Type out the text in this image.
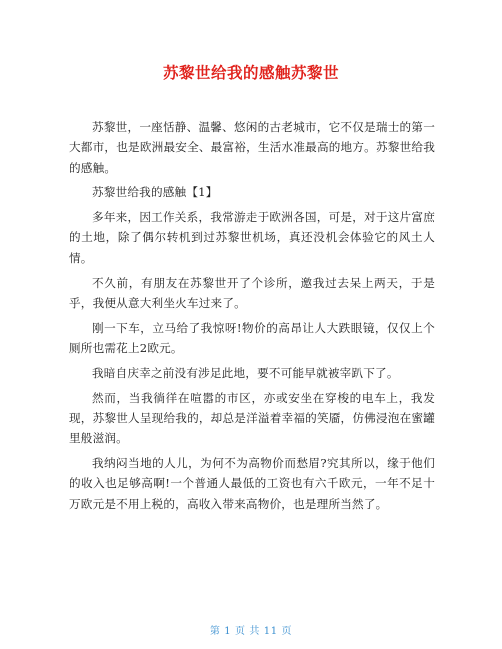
苏黎世给我的感触苏黎世

苏黎世，一座恬静、温馨、悠闲的古老城市，它不仅是瑞士的第一大都市，也是欧洲最安全、最富裕，生活水准最高的地方。苏黎世给我的感触。

苏黎世给我的感触【1】

多年来，因工作关系，我常游走于欧洲各国，可是，对于这片富庶的土地，除了偶尔转机到过苏黎世机场，真还没机会体验它的风土人情。

不久前，有朋友在苏黎世开了个诊所，邀我过去呆上两天，于是乎，我便从意大利坐火车过来了。

刚一下车，立马给了我惊呀!物价的高昂让人大跌眼镜，仅仅上个厕所也需花上2欧元。

我暗自庆幸之前没有涉足此地，要不可能早就被宰趴下了。

然而，当我徜徉在喧嚣的市区，亦或安坐在穿梭的电车上，我发现，苏黎世人呈现给我的，却总是洋溢着幸福的笑靥，仿佛浸泡在蜜罐里般滋润。

我纳闷当地的人儿，为何不为高物价而愁眉?究其所以，缘于他们的收入也足够高啊!一个普通人最低的工资也有六千欧元，一年不足十万欧元是不用上税的，高收入带来高物价，也是理所当然了。

第 1 页 共 11 页
